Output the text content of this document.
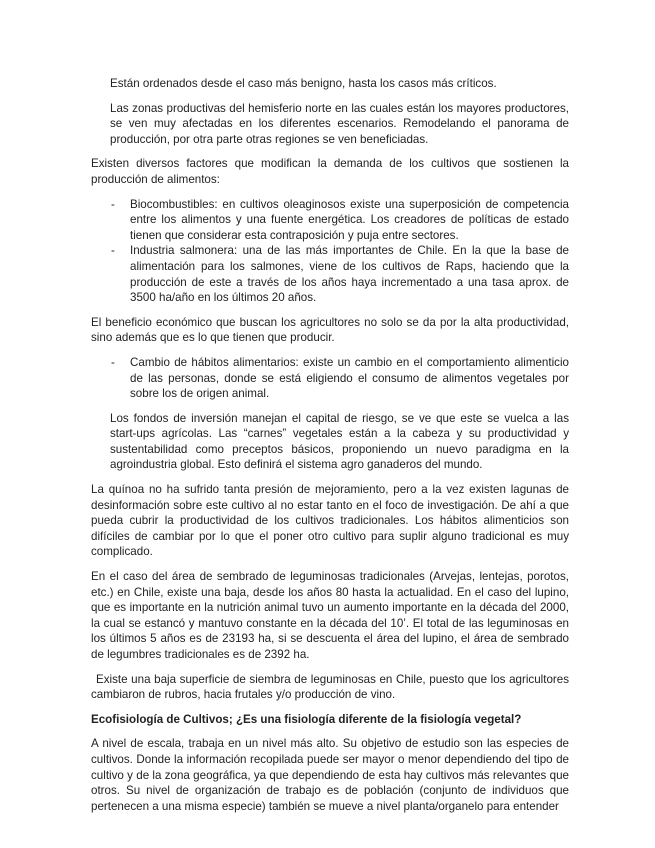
Están ordenados desde el caso más benigno, hasta los casos más críticos.

Las zonas productivas del hemisferio norte en las cuales están los mayores productores, se ven muy afectadas en los diferentes escenarios. Remodelando el panorama de producción, por otra parte otras regiones se ven beneficiadas.

Existen diversos factores que modifican la demanda de los cultivos que sostienen la producción de alimentos:

- Biocombustibles: en cultivos oleaginosos existe una superposición de competencia entre los alimentos y una fuente energética. Los creadores de políticas de estado tienen que considerar esta contraposición y puja entre sectores.
- Industria salmonera: una de las más importantes de Chile. En la que la base de alimentación para los salmones, viene de los cultivos de Raps, haciendo que la producción de este a través de los años haya incrementado a una tasa aprox. de 3500 ha/año en los últimos 20 años.

El beneficio económico que buscan los agricultores no solo se da por la alta productividad, sino además que es lo que tienen que producir.

- Cambio de hábitos alimentarios: existe un cambio en el comportamiento alimenticio de las personas, donde se está eligiendo el consumo de alimentos vegetales por sobre los de origen animal.

Los fondos de inversión manejan el capital de riesgo, se ve que este se vuelca a las start-ups agrícolas. Las “carnes” vegetales están a la cabeza y su productividad y sustentabilidad como preceptos básicos, proponiendo un nuevo paradigma en la agroindustria global. Esto definirá el sistema agro ganaderos del mundo.

La quínoa no ha sufrido tanta presión de mejoramiento, pero a la vez existen lagunas de desinformación sobre este cultivo al no estar tanto en el foco de investigación. De ahí a que pueda cubrir la productividad de los cultivos tradicionales. Los hábitos alimenticios son difíciles de cambiar por lo que el poner otro cultivo para suplir alguno tradicional es muy complicado.

En el caso del área de sembrado de leguminosas tradicionales (Arvejas, lentejas, porotos, etc.) en Chile, existe una baja, desde los años 80 hasta la actualidad. En el caso del lupino, que es importante en la nutrición animal tuvo un aumento importante en la década del 2000, la cual se estancó y mantuvo constante en la década del 10’. El total de las leguminosas en los últimos 5 años es de 23193 ha, si se descuenta el área del lupino, el área de sembrado de legumbres tradicionales es de 2392 ha.

Existe una baja superficie de siembra de leguminosas en Chile, puesto que los agricultores cambiaron de rubros, hacia frutales y/o producción de vino.

Ecofisiología de Cultivos; ¿Es una fisiología diferente de la fisiología vegetal?

A nivel de escala, trabaja en un nivel más alto. Su objetivo de estudio son las especies de cultivos. Donde la información recopilada puede ser mayor o menor dependiendo del tipo de cultivo y de la zona geográfica, ya que dependiendo de esta hay cultivos más relevantes que otros. Su nivel de organización de trabajo es de población (conjunto de individuos que pertenecen a una misma especie) también se mueve a nivel planta/organelo para entender
